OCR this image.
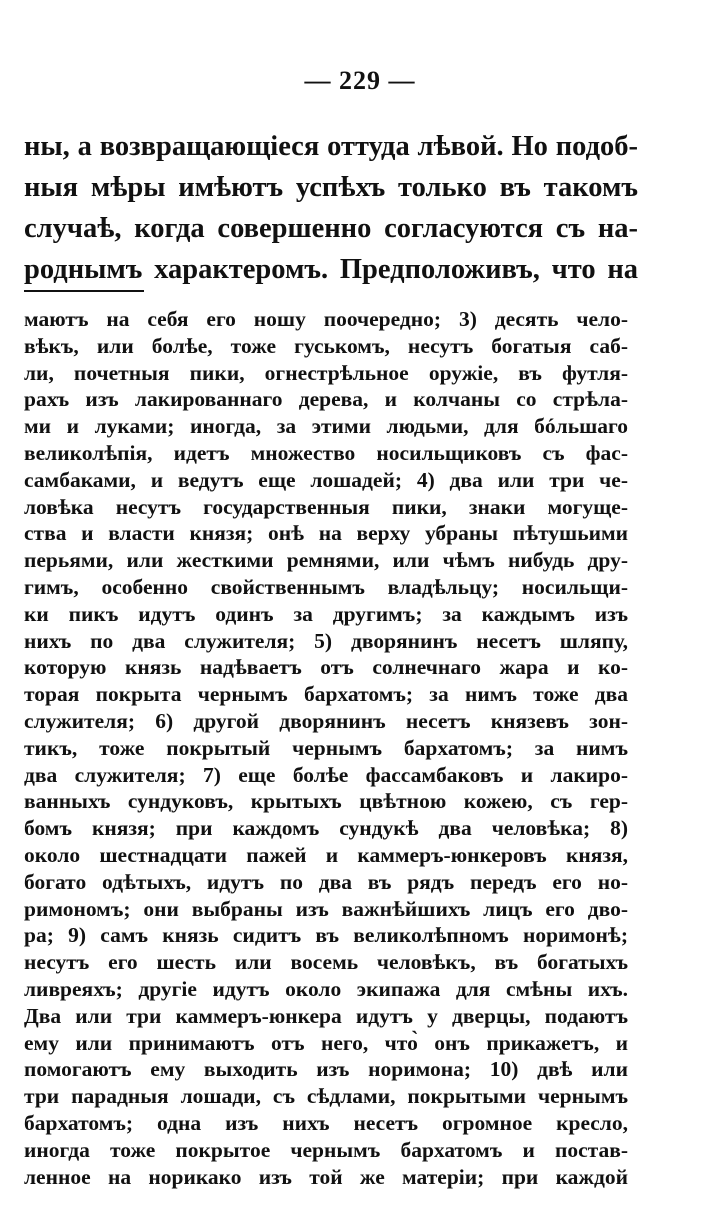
— 229 —
ны, а возвращающіеся оттуда лѣвой. Но подоб-
ныя мѣры имѣютъ успѣхъ только въ такомъ
случаѣ, когда совершенно согласуются съ на-
роднымъ характеромъ. Предположивъ, что на
маютъ на себя его ношу поочередно; 3) десять чело-
вѣкъ, или болѣе, тоже гуськомъ, несутъ богатыя саб-
ли, почетныя пики, огнестрѣльное оружіе, въ футля-
рахъ изъ лакированнаго дерева, и колчаны со стрѣла-
ми и луками; иногда, за этими людьми, для бóльшаго
великолѣпія, идетъ множество носильщиковъ съ фас-
самбаками, и ведутъ еще лошадей; 4) два или три че-
ловѣка несутъ государственныя пики, знаки могуще-
ства и власти князя; онѣ на верху убраны пѣтушьими
перьями, или жесткими ремнями, или чѣмъ нибудь дру-
гимъ, особенно свойственнымъ владѣльцу; носильщи-
ки пикъ идутъ одинъ за другимъ; за каждымъ изъ
нихъ по два служителя; 5) дворянинъ несетъ шляпу,
которую князь надѣваетъ отъ солнечнаго жара и ко-
торая покрыта чернымъ бархатомъ; за нимъ тоже два
служителя; 6) другой дворянинъ несетъ князевъ зон-
тикъ, тоже покрытый чернымъ бархатомъ; за нимъ
два служителя; 7) еще болѣе фассамбаковъ и лакиро-
ванныхъ сундуковъ, крытыхъ цвѣтною кожею, съ гер-
бомъ князя; при каждомъ сундукѣ два человѣка; 8)
около шестнадцати пажей и каммеръ-юнкеровъ князя,
богато одѣтыхъ, идутъ по два въ рядъ передъ его но-
римономъ; они выбраны изъ важнѣйшихъ лицъ его дво-
ра; 9) самъ князь сидитъ въ великолѣпномъ норимонѣ;
несутъ его шесть или восемь человѣкъ, въ богатыхъ
ливреяхъ; другіе идутъ около экипажа для смѣны ихъ.
Два или три каммеръ-юнкера идутъ у дверцы, подаютъ
ему или принимаютъ отъ него, что̀ онъ прикажетъ, и
помогаютъ ему выходить изъ норимона; 10) двѣ или
три парадныя лошади, съ сѣдлами, покрытыми чернымъ
бархатомъ; одна изъ нихъ несетъ огромное кресло,
иногда тоже покрытое чернымъ бархатомъ и постав-
ленное на норикако изъ той же матеріи; при каждой
